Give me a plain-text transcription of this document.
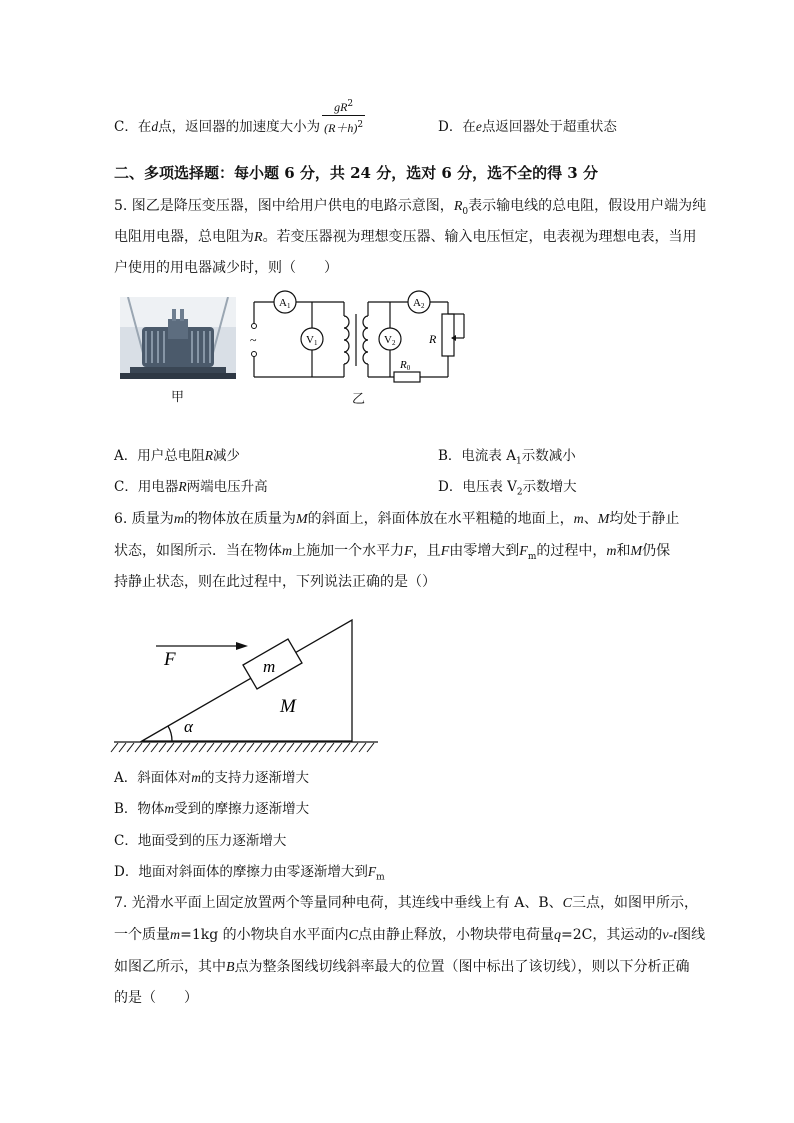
C．在d点，返回器的加速度大小为 $\frac{gR^2}{(R+h)^2}$	D．在e点返回器处于超重状态
二、多项选择题：每小题 6 分，共 24 分，选对 6 分，选不全的得 3 分
5. 图乙是降压变压器，图中给用户供电的电路示意图，$R_0$表示输电线的总电阻，假设用户端为纯
电阻用电器，总电阻为R。若变压器视为理想变压器、输入电压恒定，电表视为理想电表，当用
户使用的用电器减少时，则（　　）
甲
~
A1
V1
A2
V2	R
R0
乙
A．用户总电阻R减少	B．电流表 $A_1$示数减小
C．用电器R两端电压升高	D．电压表 $V_2$示数增大
6. 质量为m的物体放在质量为M的斜面上，斜面体放在水平粗糙的地面上，m、M均处于静止
状态，如图所示．当在物体m上施加一个水平力F，且F由零增大到$F_m$的过程中，m和M仍保
持静止状态，则在此过程中，下列说法正确的是（）
F	m
M
α
A．斜面体对m的支持力逐渐增大
B．物体m受到的摩擦力逐渐增大
C．地面受到的压力逐渐增大
D．地面对斜面体的摩擦力由零逐渐增大到$F_m$
7. 光滑水平面上固定放置两个等量同种电荷，其连线中垂线上有 A、B、C三点，如图甲所示，
一个质量m=1kg 的小物块自水平面内C点由静止释放，小物块带电荷量q=2C，其运动的v-t图线
如图乙所示，其中B点为整条图线切线斜率最大的位置（图中标出了该切线），则以下分析正确
的是（　　）
